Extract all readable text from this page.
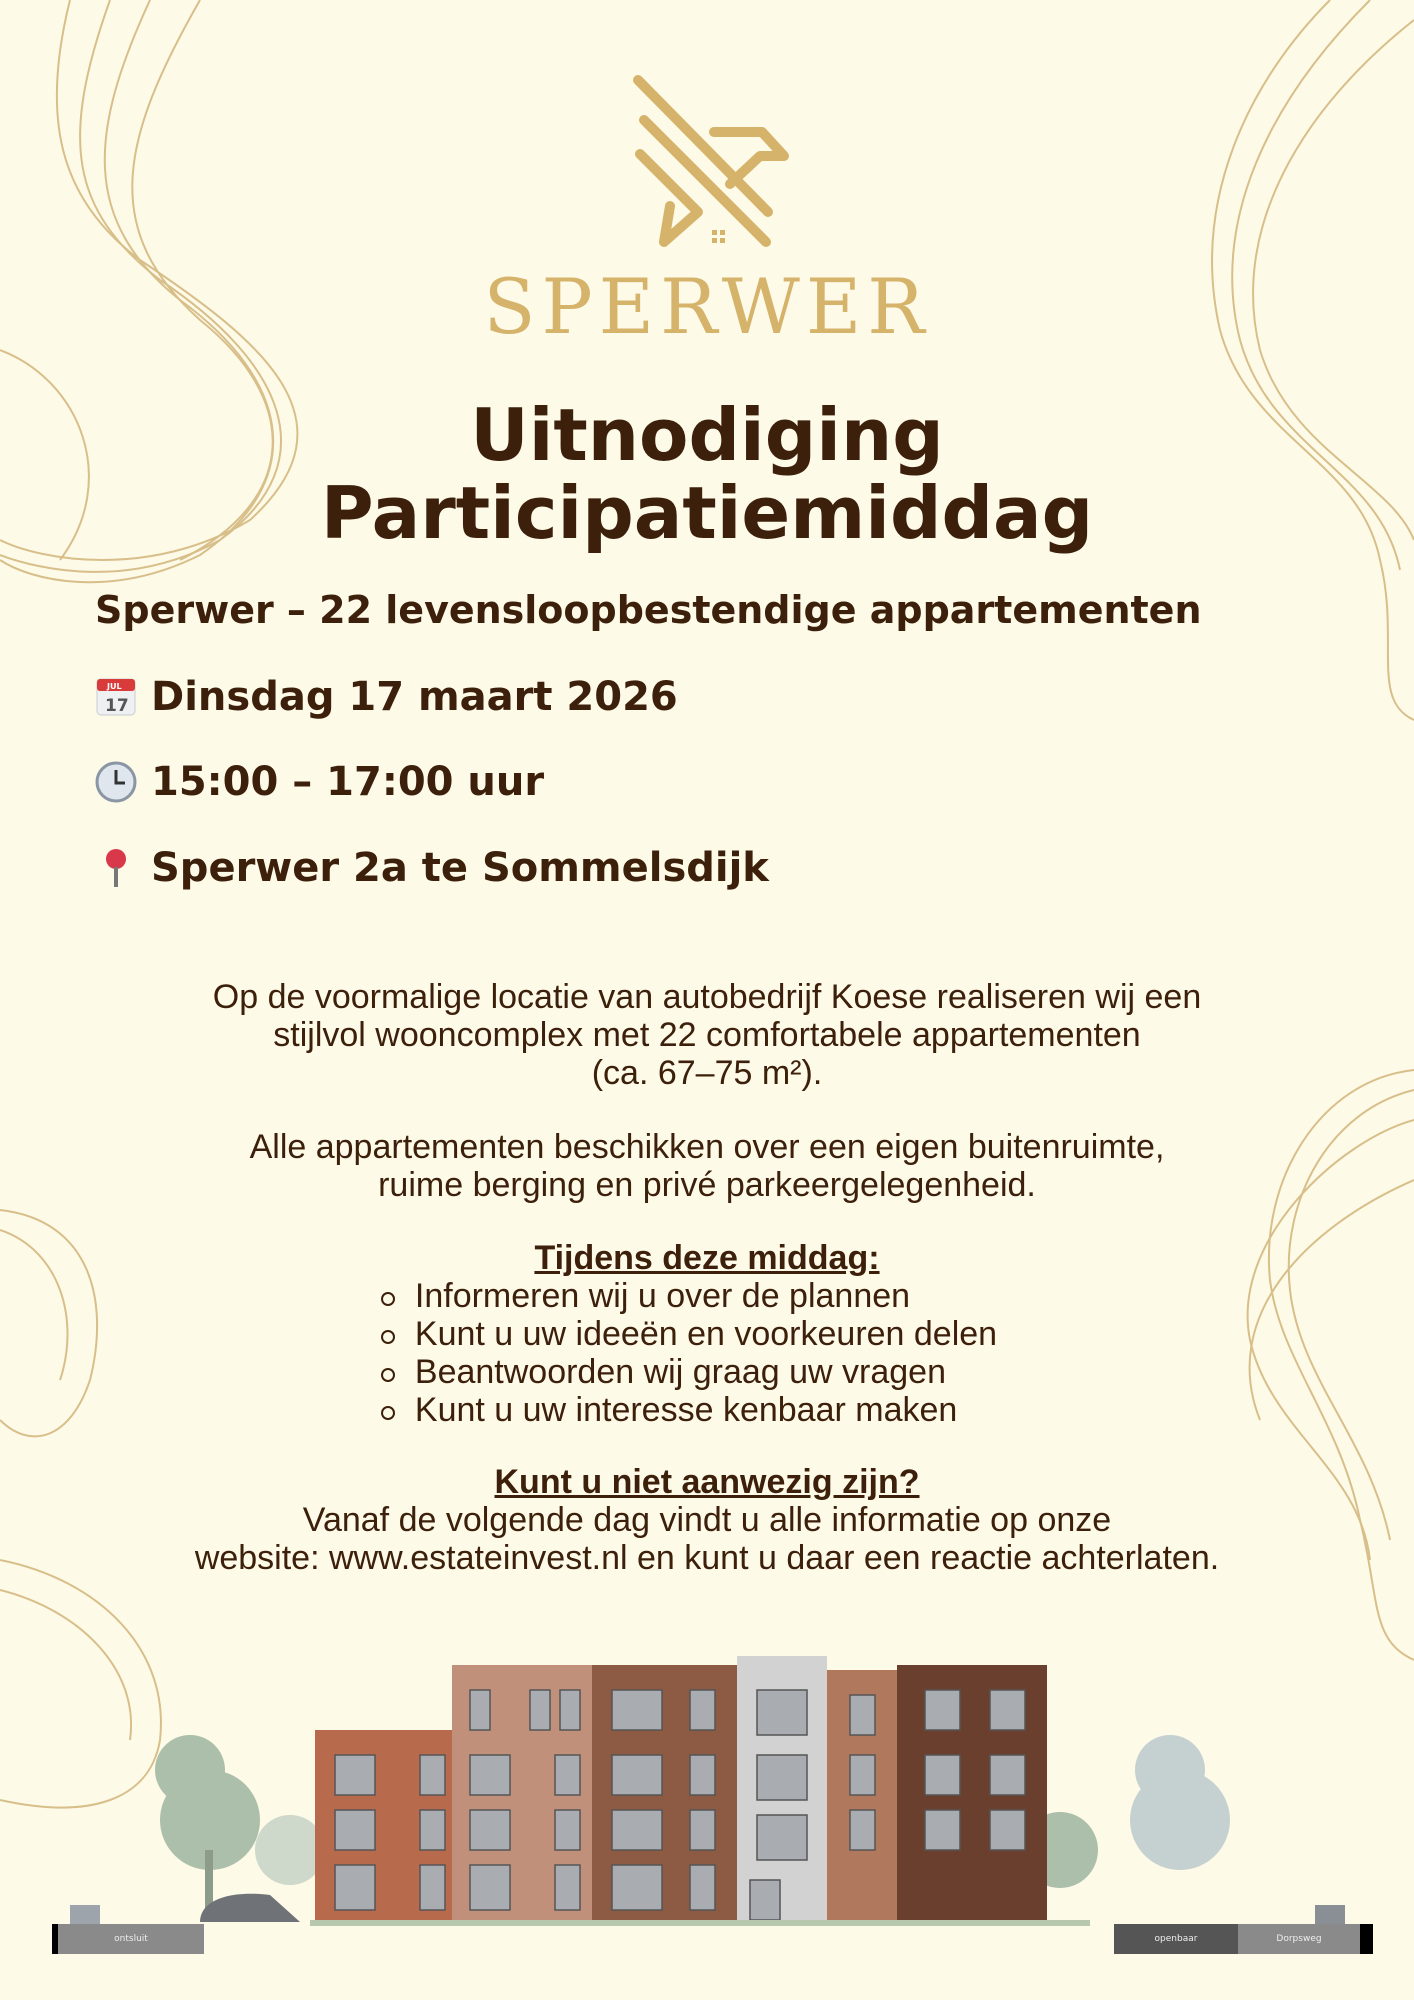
SPERWER
Uitnodiging
Participatiemiddag
Sperwer – 22 levensloopbestendige appartementen
JUL
17 Dinsdag 17 maart 2026
15:00 – 17:00 uur
Sperwer 2a te Sommelsdijk
Op de voormalige locatie van autobedrijf Koese realiseren wij een
stijlvol wooncomplex met 22 comfortabele appartementen
(ca. 67–75 m²).
Alle appartementen beschikken over een eigen buitenruimte,
ruime berging en privé parkeergelegenheid.
Tijdens deze middag:
Informeren wij u over de plannen
Kunt u uw ideeën en voorkeuren delen
Beantwoorden wij graag uw vragen
Kunt u uw interesse kenbaar maken
Kunt u niet aanwezig zijn?
Vanaf de volgende dag vindt u alle informatie op onze
website: www.estateinvest.nl en kunt u daar een reactie achterlaten.
ontsluit	openbaar	Dorpsweg
